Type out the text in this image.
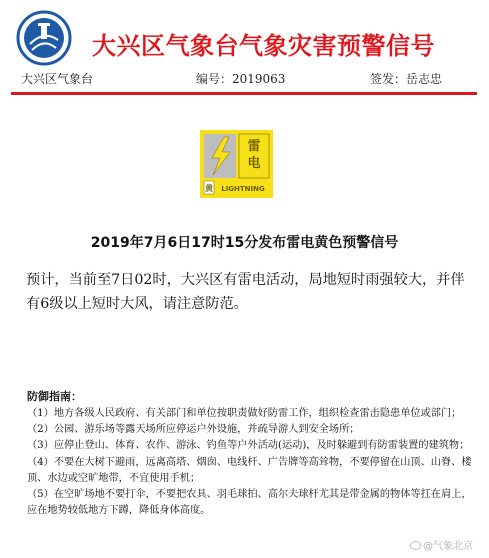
大兴区气象台气象灾害预警信号
大兴区气象台	编号：2019063	签发：岳志忠
雷电
黄 LIGHTNING
2019年7月6日17时15分发布雷电黄色预警信号
预计，当前至7日02时，大兴区有雷电活动，局地短时雨强较大，并伴有6级以上短时大风，请注意防范。
防御指南：

（1）地方各级人民政府、有关部门和单位按职责做好防雷工作，组织检查雷击隐患单位或部门；

（2）公园、游乐场等露天场所应停运户外设施，并疏导游人到安全场所；

（3）应停止登山、体育、农作、游泳、钓鱼等户外活动(运动)，及时躲避到有防雷装置的建筑物；

（4）不要在大树下避雨，远离高塔、烟囱、电线杆、广告牌等高耸物，不要停留在山顶、山脊、楼顶、水边或空旷地带，不宜使用手机；

（5）在空旷场地不要打伞，不要把农具、羽毛球拍、高尔夫球杆尤其是带金属的物体等扛在肩上，应在地势较低地方下蹲，降低身体高度。

@气象北京
